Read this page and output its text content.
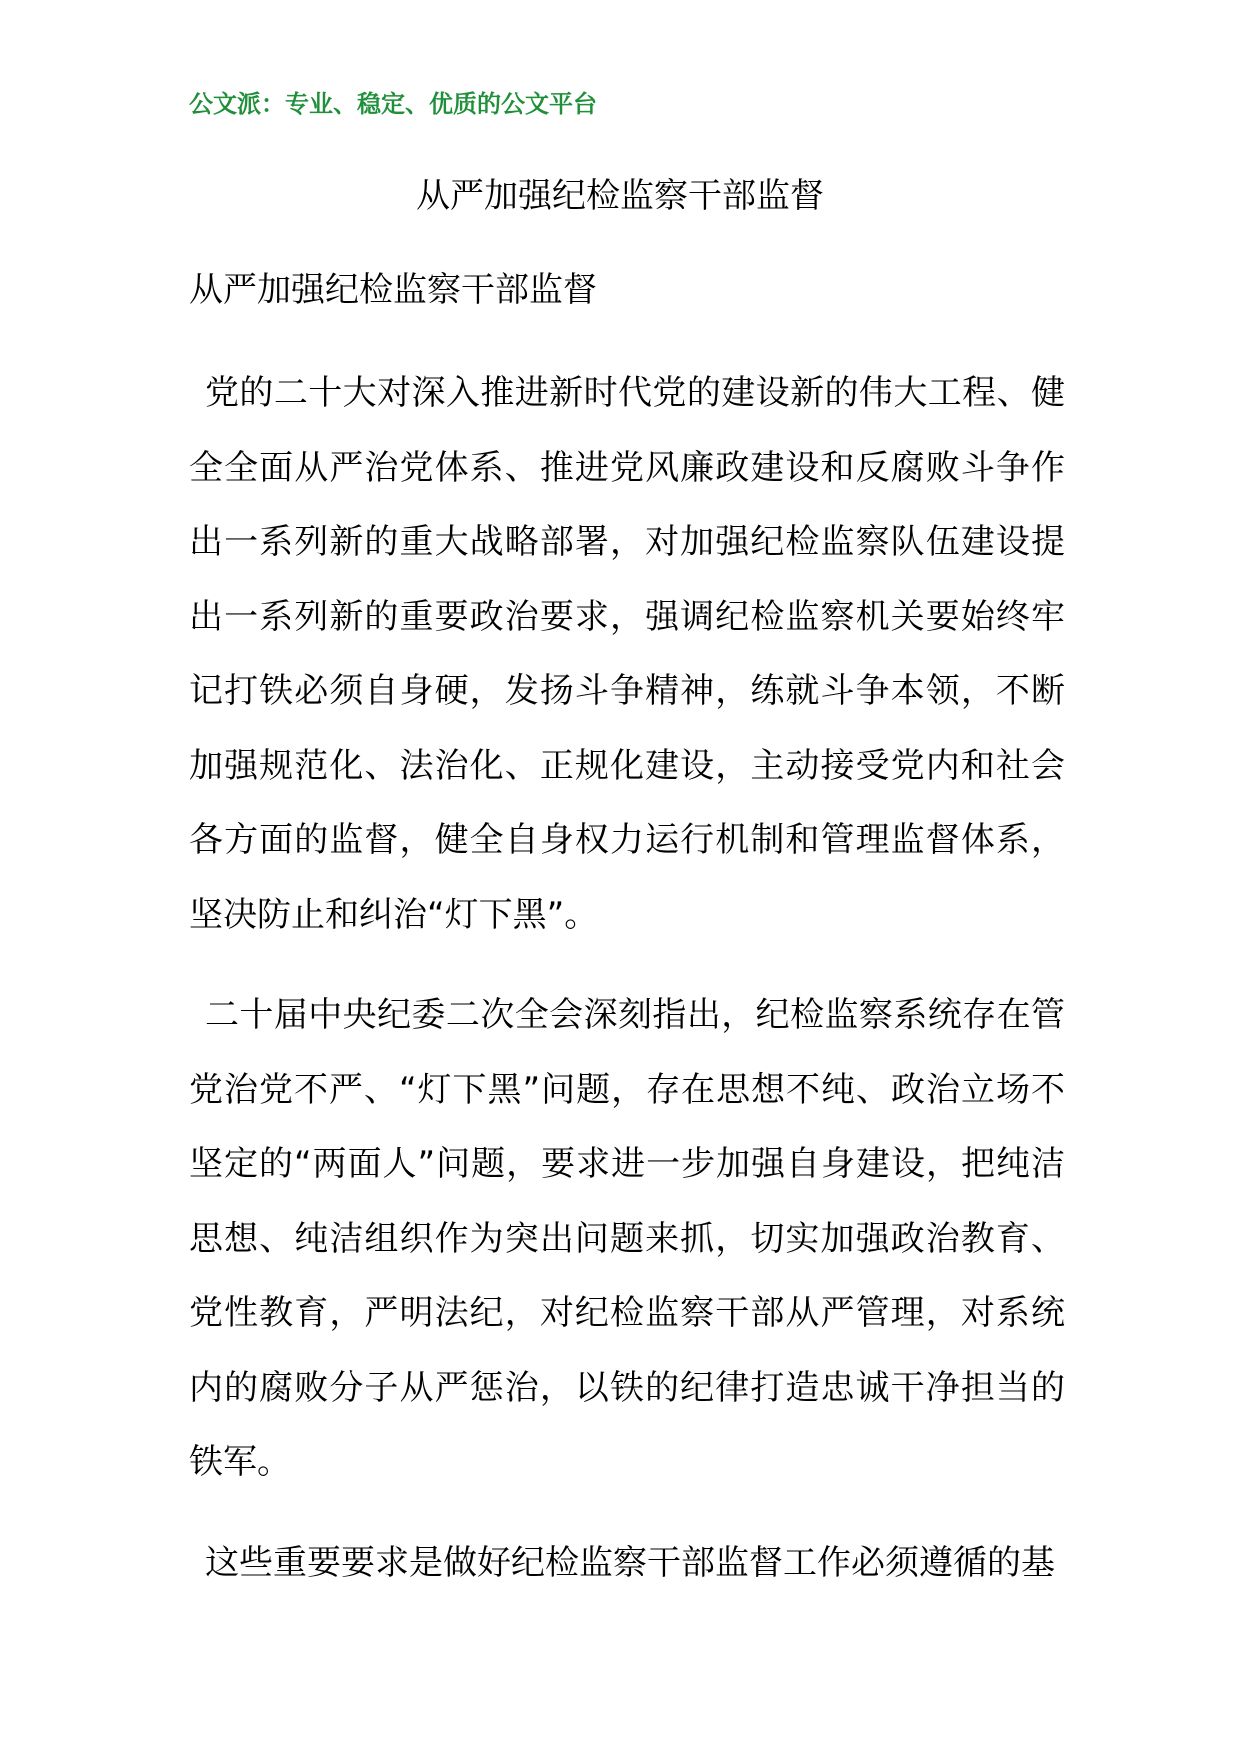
公文派：专业、稳定、优质的公文平台
从严加强纪检监察干部监督
从严加强纪检监察干部监督

党的二十大对深入推进新时代党的建设新的伟大工程、健全全面从严治党体系、推进党风廉政建设和反腐败斗争作出一系列新的重大战略部署，对加强纪检监察队伍建设提出一系列新的重要政治要求，强调纪检监察机关要始终牢记打铁必须自身硬，发扬斗争精神，练就斗争本领，不断加强规范化、法治化、正规化建设，主动接受党内和社会各方面的监督，健全自身权力运行机制和管理监督体系，坚决防止和纠治“灯下黑”。

二十届中央纪委二次全会深刻指出，纪检监察系统存在管党治党不严、“灯下黑”问题，存在思想不纯、政治立场不坚定的“两面人”问题，要求进一步加强自身建设，把纯洁思想、纯洁组织作为突出问题来抓，切实加强政治教育、党性教育，严明法纪，对纪检监察干部从严管理，对系统内的腐败分子从严惩治，以铁的纪律打造忠诚干净担当的铁军。

这些重要要求是做好纪检监察干部监督工作必须遵循的基
